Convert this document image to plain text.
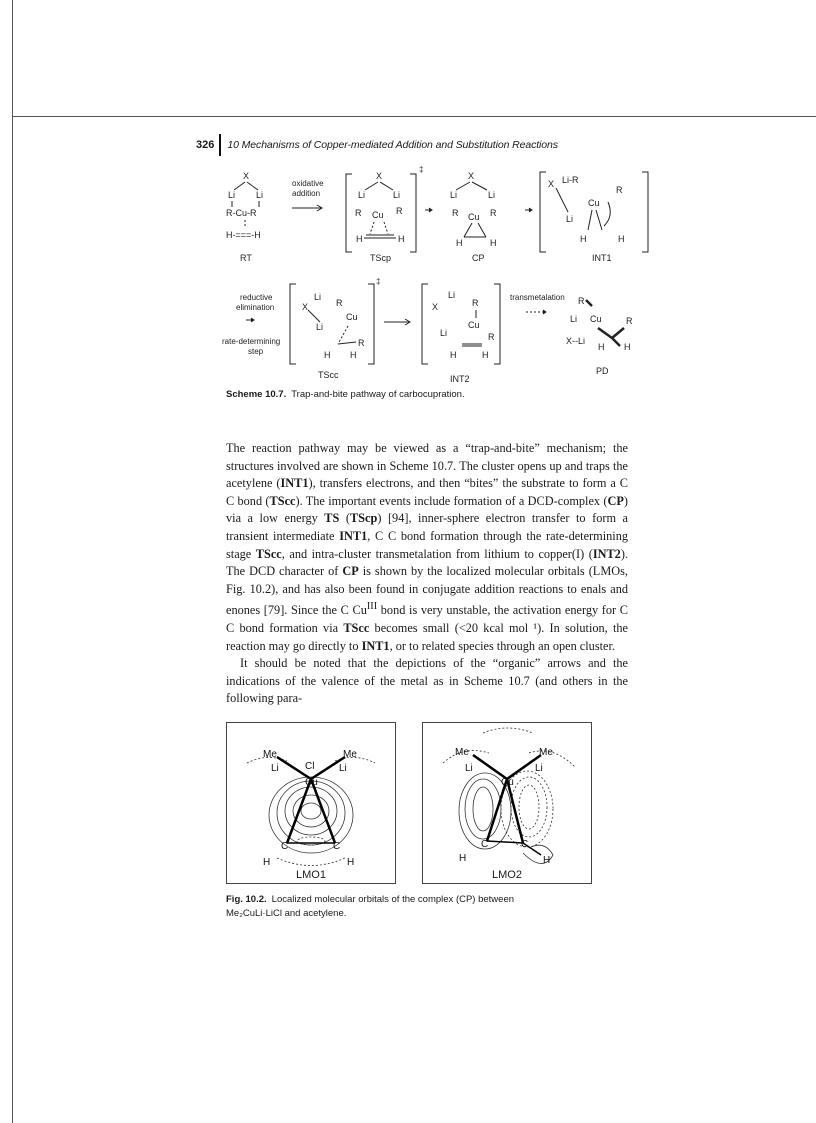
326 10 Mechanisms of Copper-mediated Addition and Substitution Reactions
X
Li Li
R-Cu-R
H-===-H
RT
oxidative
addition
‡
X
Li	Li
R Cu R
H	H
TScp
X
Li	Li
R Cu R
H	H
CP
X Li-R
R
Cu
Li
H	H
INT1
reductive
elimination
rate-determining
step
‡
X
Li
R
Cu
Li
R
H H
TScc
X
Li
R
Cu
Li	R
H	H
INT2
transmetalation R
Li Cu	R
X--Li
H H
PD
Scheme 10.7. Trap-and-bite pathway of carbocupration.

The reaction pathway may be viewed as a “trap-and-bite” mechanism; the structures involved are shown in Scheme 10.7. The cluster opens up and traps the acetylene (INT1), transfers electrons, and then “bites” the substrate to form a C C bond (TScc). The important events include formation of a DCD-complex (CP) via a low energy TS (TScp) [94], inner-sphere electron transfer to form a transient intermediate INT1, C C bond formation through the rate-determining stage TScc, and intra-cluster transmetalation from lithium to copper(I) (INT2). The DCD character of CP is shown by the localized molecular orbitals (LMOs, Fig. 10.2), and has also been found in conjugate addition reactions to enals and enones [79]. Since the C $Cu^{III}$ bond is very unstable, the activation energy for C C bond formation via TScc becomes small (<20 kcal mol ¹). In solution, the reaction may go directly to INT1, or to related species through an open cluster.

It should be noted that the depictions of the “organic” arrows and the indications of the valence of the metal as in Scheme 10.7 (and others in the following para-

Me	Me
Li	Cl Li
Cu
C	C
H	H
LMO1
Me	Me
Li	Li
Cu
C	C
H	H
LMO2
Fig. 10.2. Localized molecular orbitals of the complex (CP) between Me₂CuLi·LiCl and acetylene.
